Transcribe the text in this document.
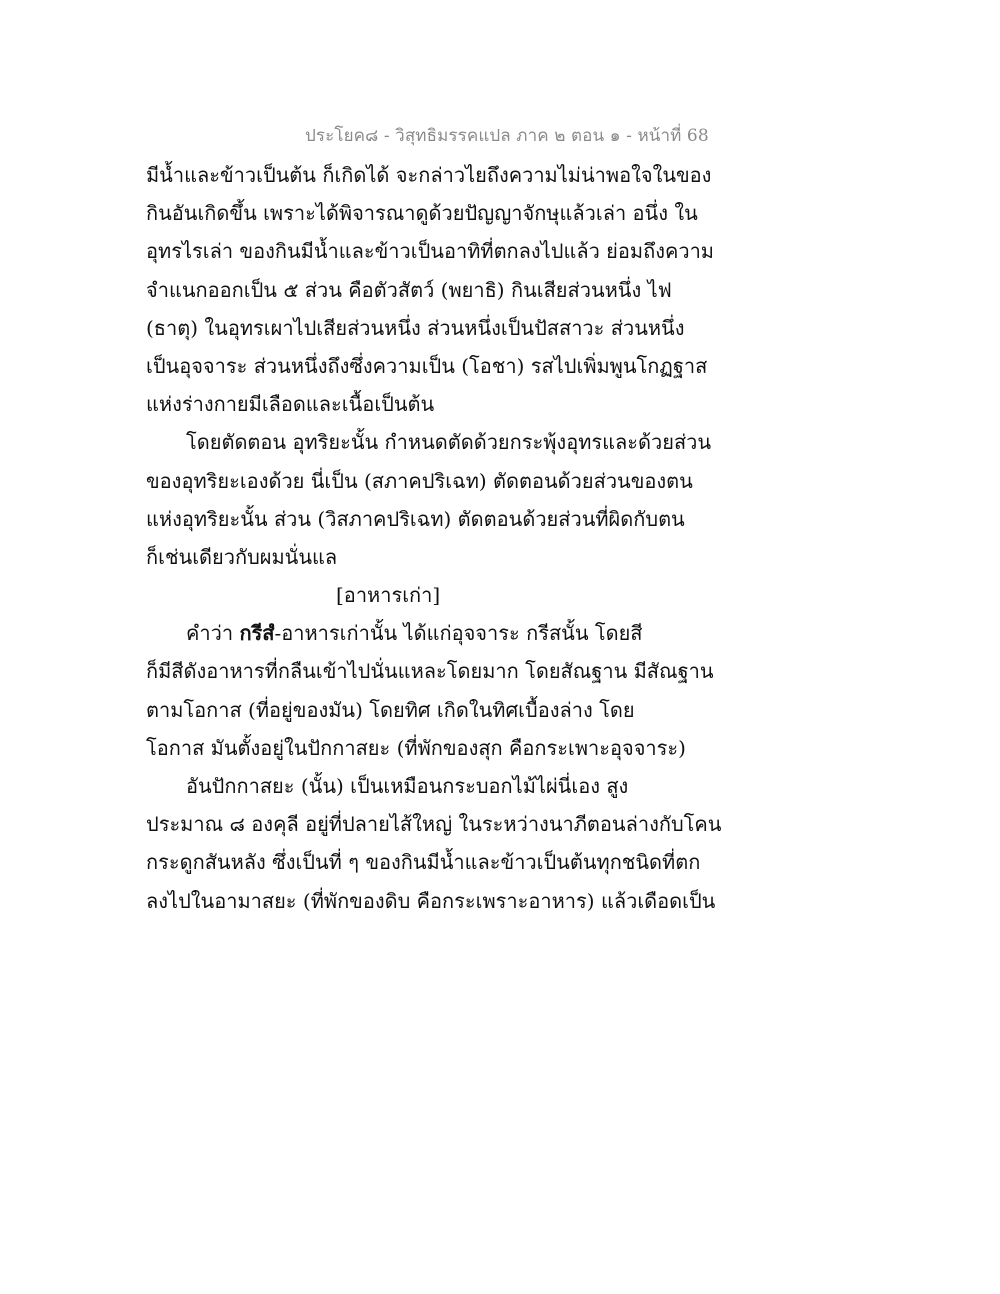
ประโยค๘ - วิสุทธิมรรคแปล ภาค ๒ ตอน ๑ - หน้าที่ 68
มีน้ำและข้าวเป็นต้น ก็เกิดได้ จะกล่าวไยถึงความไม่น่าพอใจในของ
กินอันเกิดขึ้น เพราะได้พิจารณาดูด้วยปัญญาจักษุแล้วเล่า อนึ่ง ใน
อุทรไรเล่า ของกินมีน้ำและข้าวเป็นอาทิที่ตกลงไปแล้ว ย่อมถึงความ
จำแนกออกเป็น ๕ ส่วน คือตัวสัตว์ (พยาธิ) กินเสียส่วนหนึ่ง ไฟ
(ธาตุ) ในอุทรเผาไปเสียส่วนหนึ่ง ส่วนหนึ่งเป็นปัสสาวะ ส่วนหนึ่ง
เป็นอุจจาระ ส่วนหนึ่งถึงซึ่งความเป็น (โอชา) รสไปเพิ่มพูนโกฏฐาส
แห่งร่างกายมีเลือดและเนื้อเป็นต้น
โดยตัดตอน อุทริยะนั้น กำหนดตัดด้วยกระพุ้งอุทรและด้วยส่วน
ของอุทริยะเองด้วย นี่เป็น (สภาคปริเฉท) ตัดตอนด้วยส่วนของตน
แห่งอุทริยะนั้น ส่วน (วิสภาคปริเฉท) ตัดตอนด้วยส่วนที่ผิดกับตน
ก็เช่นเดียวกับผมนั่นแล
[อาหารเก่า]
คำว่า กรีสํ-อาหารเก่านั้น ได้แก่อุจจาระ กรีสนั้น โดยสี
ก็มีสีดังอาหารที่กลืนเข้าไปนั่นแหละโดยมาก โดยสัณฐาน มีสัณฐาน
ตามโอกาส (ที่อยู่ของมัน) โดยทิศ เกิดในทิศเบื้องล่าง โดย
โอกาส มันตั้งอยู่ในปักกาสยะ (ที่พักของสุก คือกระเพาะอุจจาระ)
อันปักกาสยะ (นั้น) เป็นเหมือนกระบอกไม้ไผ่นี่เอง สูง
ประมาณ ๘ องคุลี อยู่ที่ปลายไส้ใหญ่ ในระหว่างนาภีตอนล่างกับโคน
กระดูกสันหลัง ซึ่งเป็นที่ ๆ ของกินมีน้ำและข้าวเป็นต้นทุกชนิดที่ตก
ลงไปในอามาสยะ (ที่พักของดิบ คือกระเพราะอาหาร) แล้วเดือดเป็น
